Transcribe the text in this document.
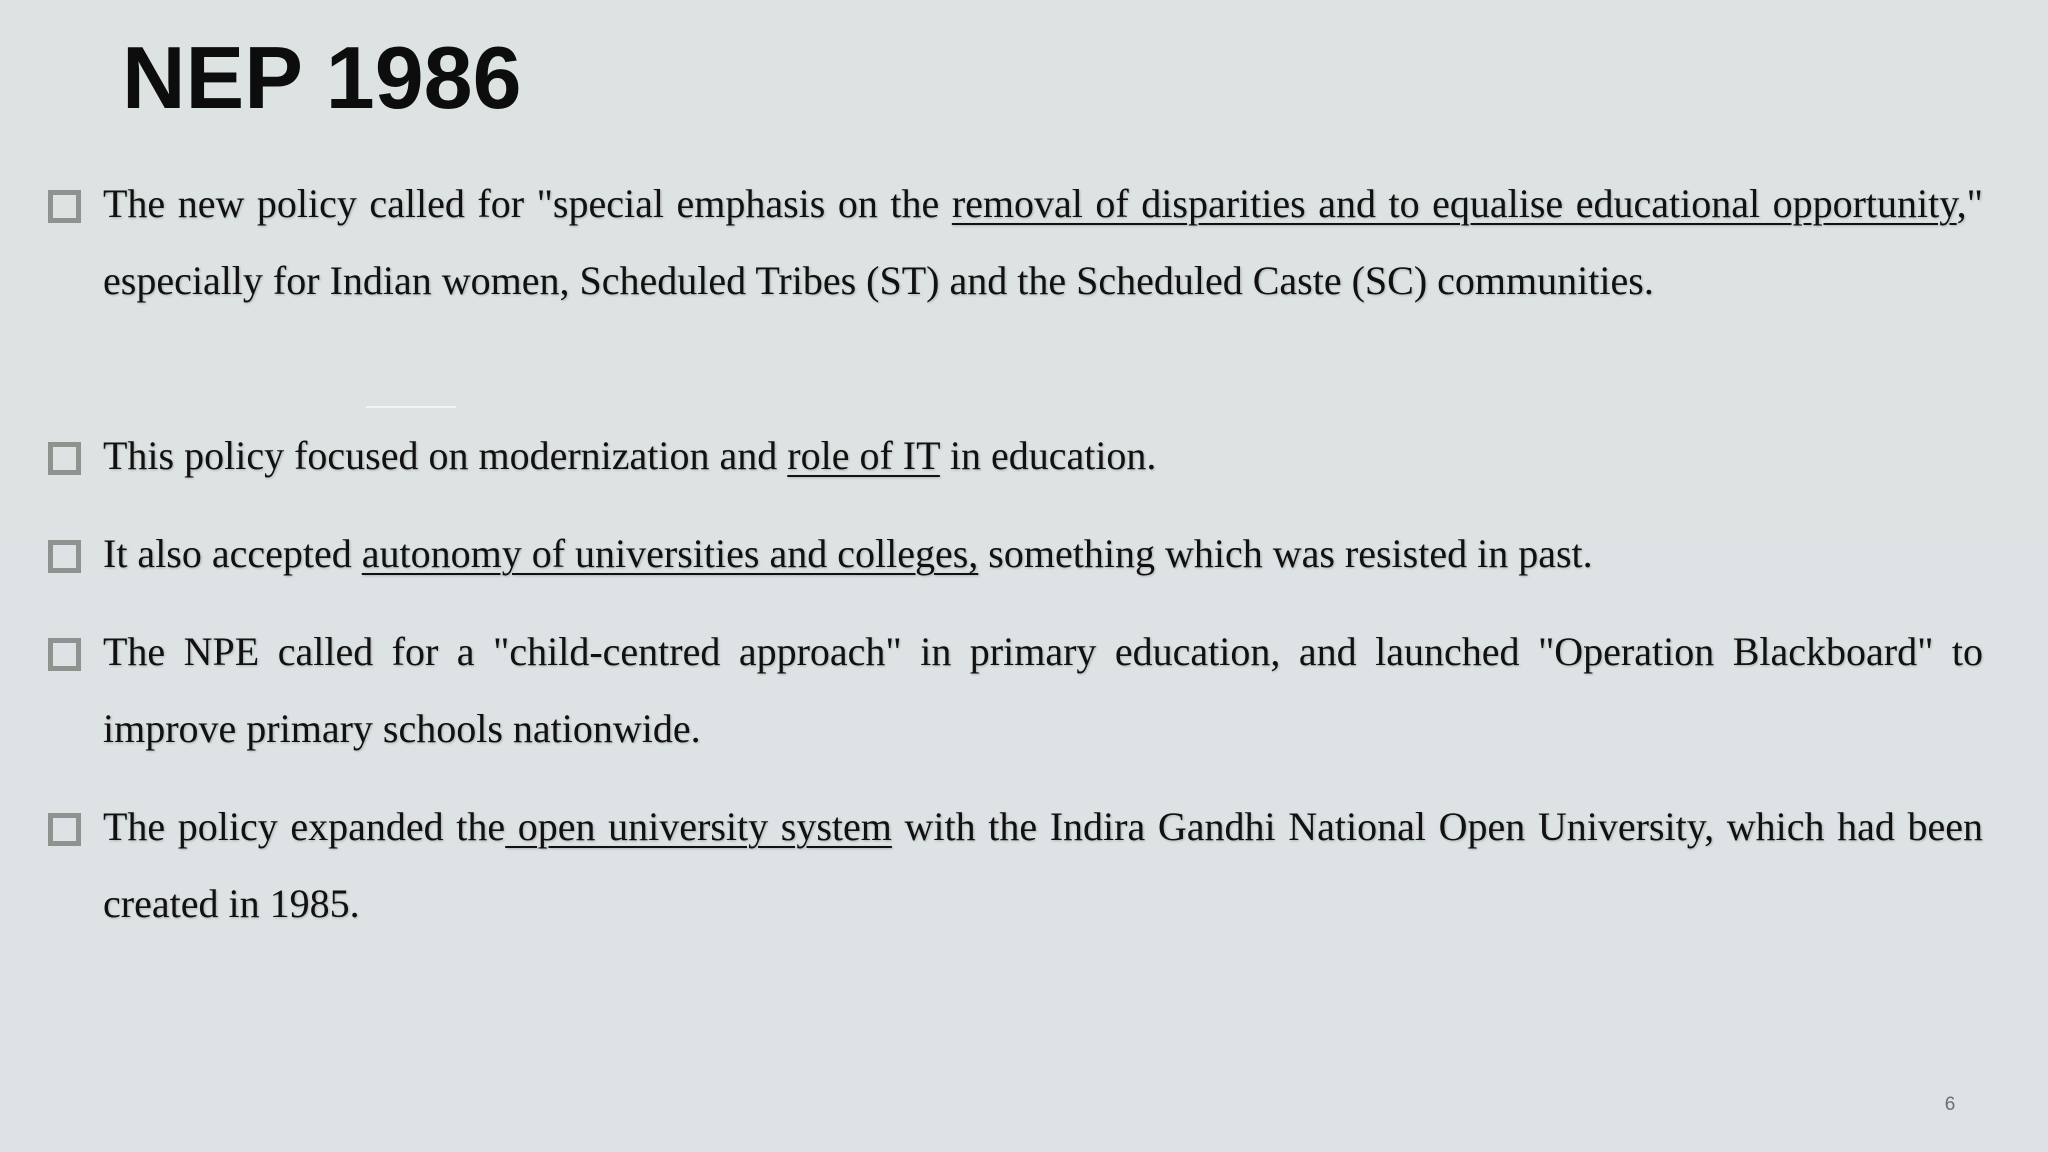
NEP 1986
The new policy called for "special emphasis on the removal of disparities and to equalise educational opportunity," especially for Indian women, Scheduled Tribes (ST) and the Scheduled Caste (SC) communities.
This policy focused on modernization and role of IT in education.
It also accepted autonomy of universities and colleges, something which was resisted in past.
The NPE called for a "child-centred approach" in primary education, and launched "Operation Blackboard" to improve primary schools nationwide.
The policy expanded the open university system with the Indira Gandhi National Open University, which had been created in 1985.
6
